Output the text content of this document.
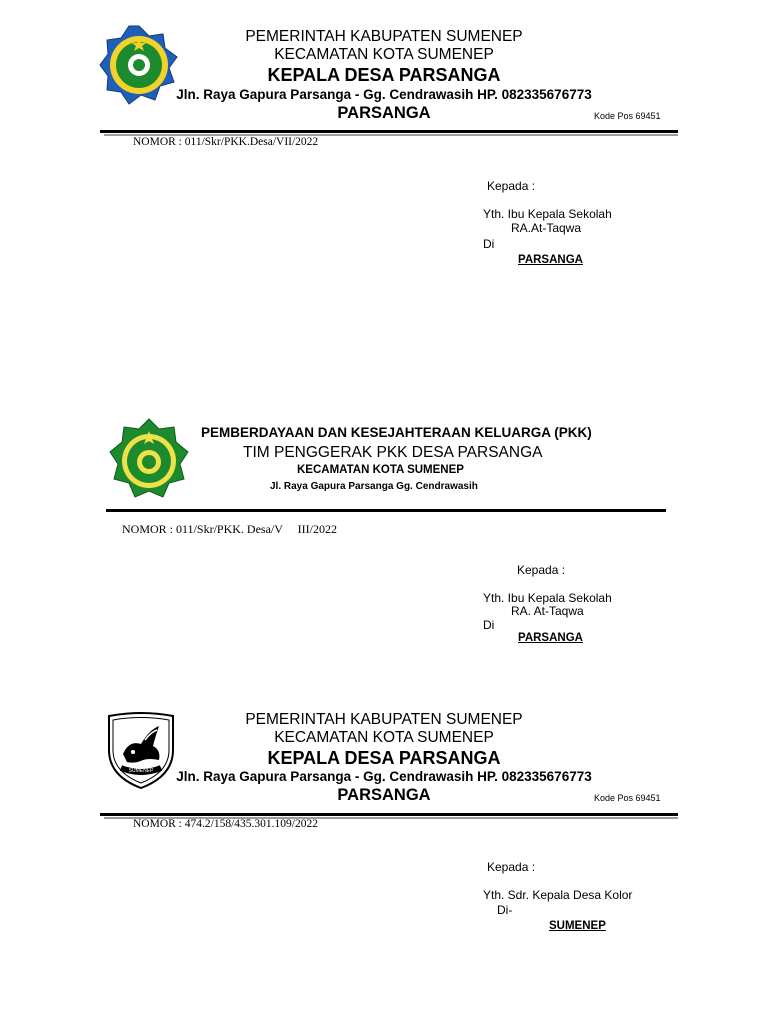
PEMERINTAH KABUPATEN SUMENEP
KECAMATAN KOTA SUMENEP
KEPALA DESA PARSANGA
Jln. Raya Gapura Parsanga - Gg. Cendrawasih HP. 082335676773
PARSANGA	Kode Pos 69451
NOMOR : 011/Skr/PKK.Desa/VII/2022
Kepada :
Yth. Ibu Kepala Sekolah
RA.At-Taqwa
Di
PARSANGA
PEMBERDAYAAN DAN KESEJAHTERAAN KELUARGA (PKK)
TIM PENGGERAK PKK DESA PARSANGA
KECAMATAN KOTA SUMENEP
Jl. Raya Gapura Parsanga Gg. Cendrawasih
NOMOR : 011/Skr/PKK. Desa/V     III/2022
Kepada :
Yth. Ibu Kepala Sekolah
RA. At-Taqwa
Di
PARSANGA
SUMENEP
PEMERINTAH KABUPATEN SUMENEP
KECAMATAN KOTA SUMENEP
KEPALA DESA PARSANGA
Jln. Raya Gapura Parsanga - Gg. Cendrawasih HP. 082335676773
PARSANGA	Kode Pos 69451
NOMOR : 474.2/158/435.301.109/2022
Kepada :
Yth. Sdr. Kepala Desa Kolor
Di-
SUMENEP
